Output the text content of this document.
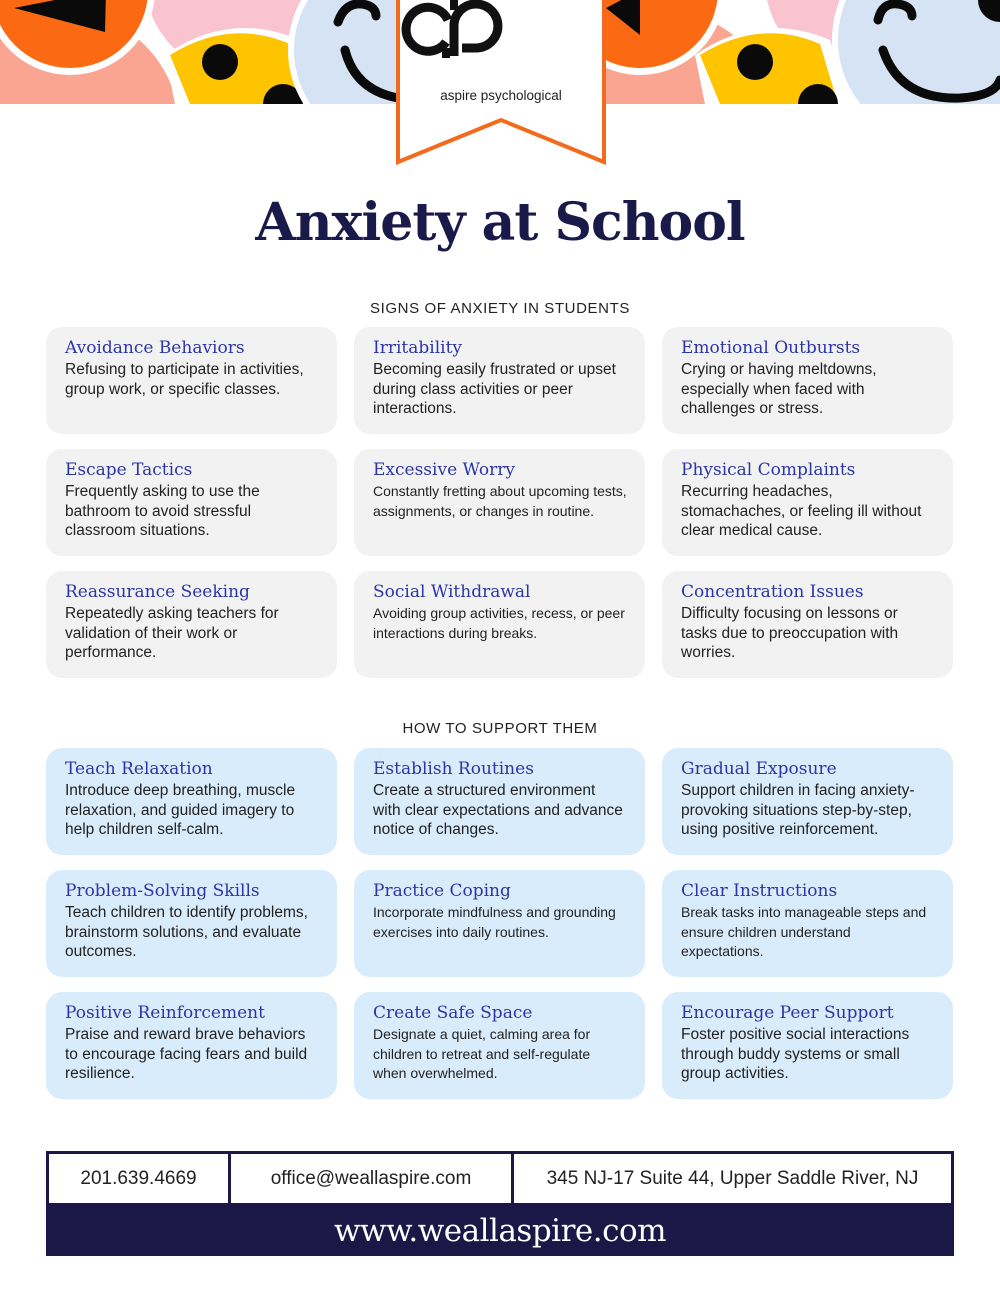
aspire psychological
Anxiety at School
SIGNS OF ANXIETY IN STUDENTS
Avoidance Behaviors
Refusing to participate in activities, group work, or specific classes.
Irritability
Becoming easily frustrated or upset during class activities or peer interactions.
Emotional Outbursts
Crying or having meltdowns, especially when faced with challenges or stress.
Escape Tactics
Frequently asking to use the bathroom to avoid stressful classroom situations.
Excessive Worry
Constantly fretting about upcoming tests, assignments, or changes in routine.
Physical Complaints
Recurring headaches, stomachaches, or feeling ill without clear medical cause.
Reassurance Seeking
Repeatedly asking teachers for validation of their work or performance.
Social Withdrawal
Avoiding group activities, recess, or peer interactions during breaks.
Concentration Issues
Difficulty focusing on lessons or tasks due to preoccupation with worries.
HOW TO SUPPORT THEM
Teach Relaxation
Introduce deep breathing, muscle relaxation, and guided imagery to help children self-calm.
Establish Routines
Create a structured environment with clear expectations and advance notice of changes.
Gradual Exposure
Support children in facing anxiety-provoking situations step-by-step, using positive reinforcement.
Problem-Solving Skills
Teach children to identify problems, brainstorm solutions, and evaluate outcomes.
Practice Coping
Incorporate mindfulness and grounding exercises into daily routines.
Clear Instructions
Break tasks into manageable steps and ensure children understand expectations.
Positive Reinforcement
Praise and reward brave behaviors to encourage facing fears and build resilience.
Create Safe Space
Designate a quiet, calming area for children to retreat and self-regulate when overwhelmed.
Encourage Peer Support
Foster positive social interactions through buddy systems or small group activities.
201.639.4669	office@weallaspire.com	345 NJ-17 Suite 44, Upper Saddle River, NJ
www.weallaspire.com
